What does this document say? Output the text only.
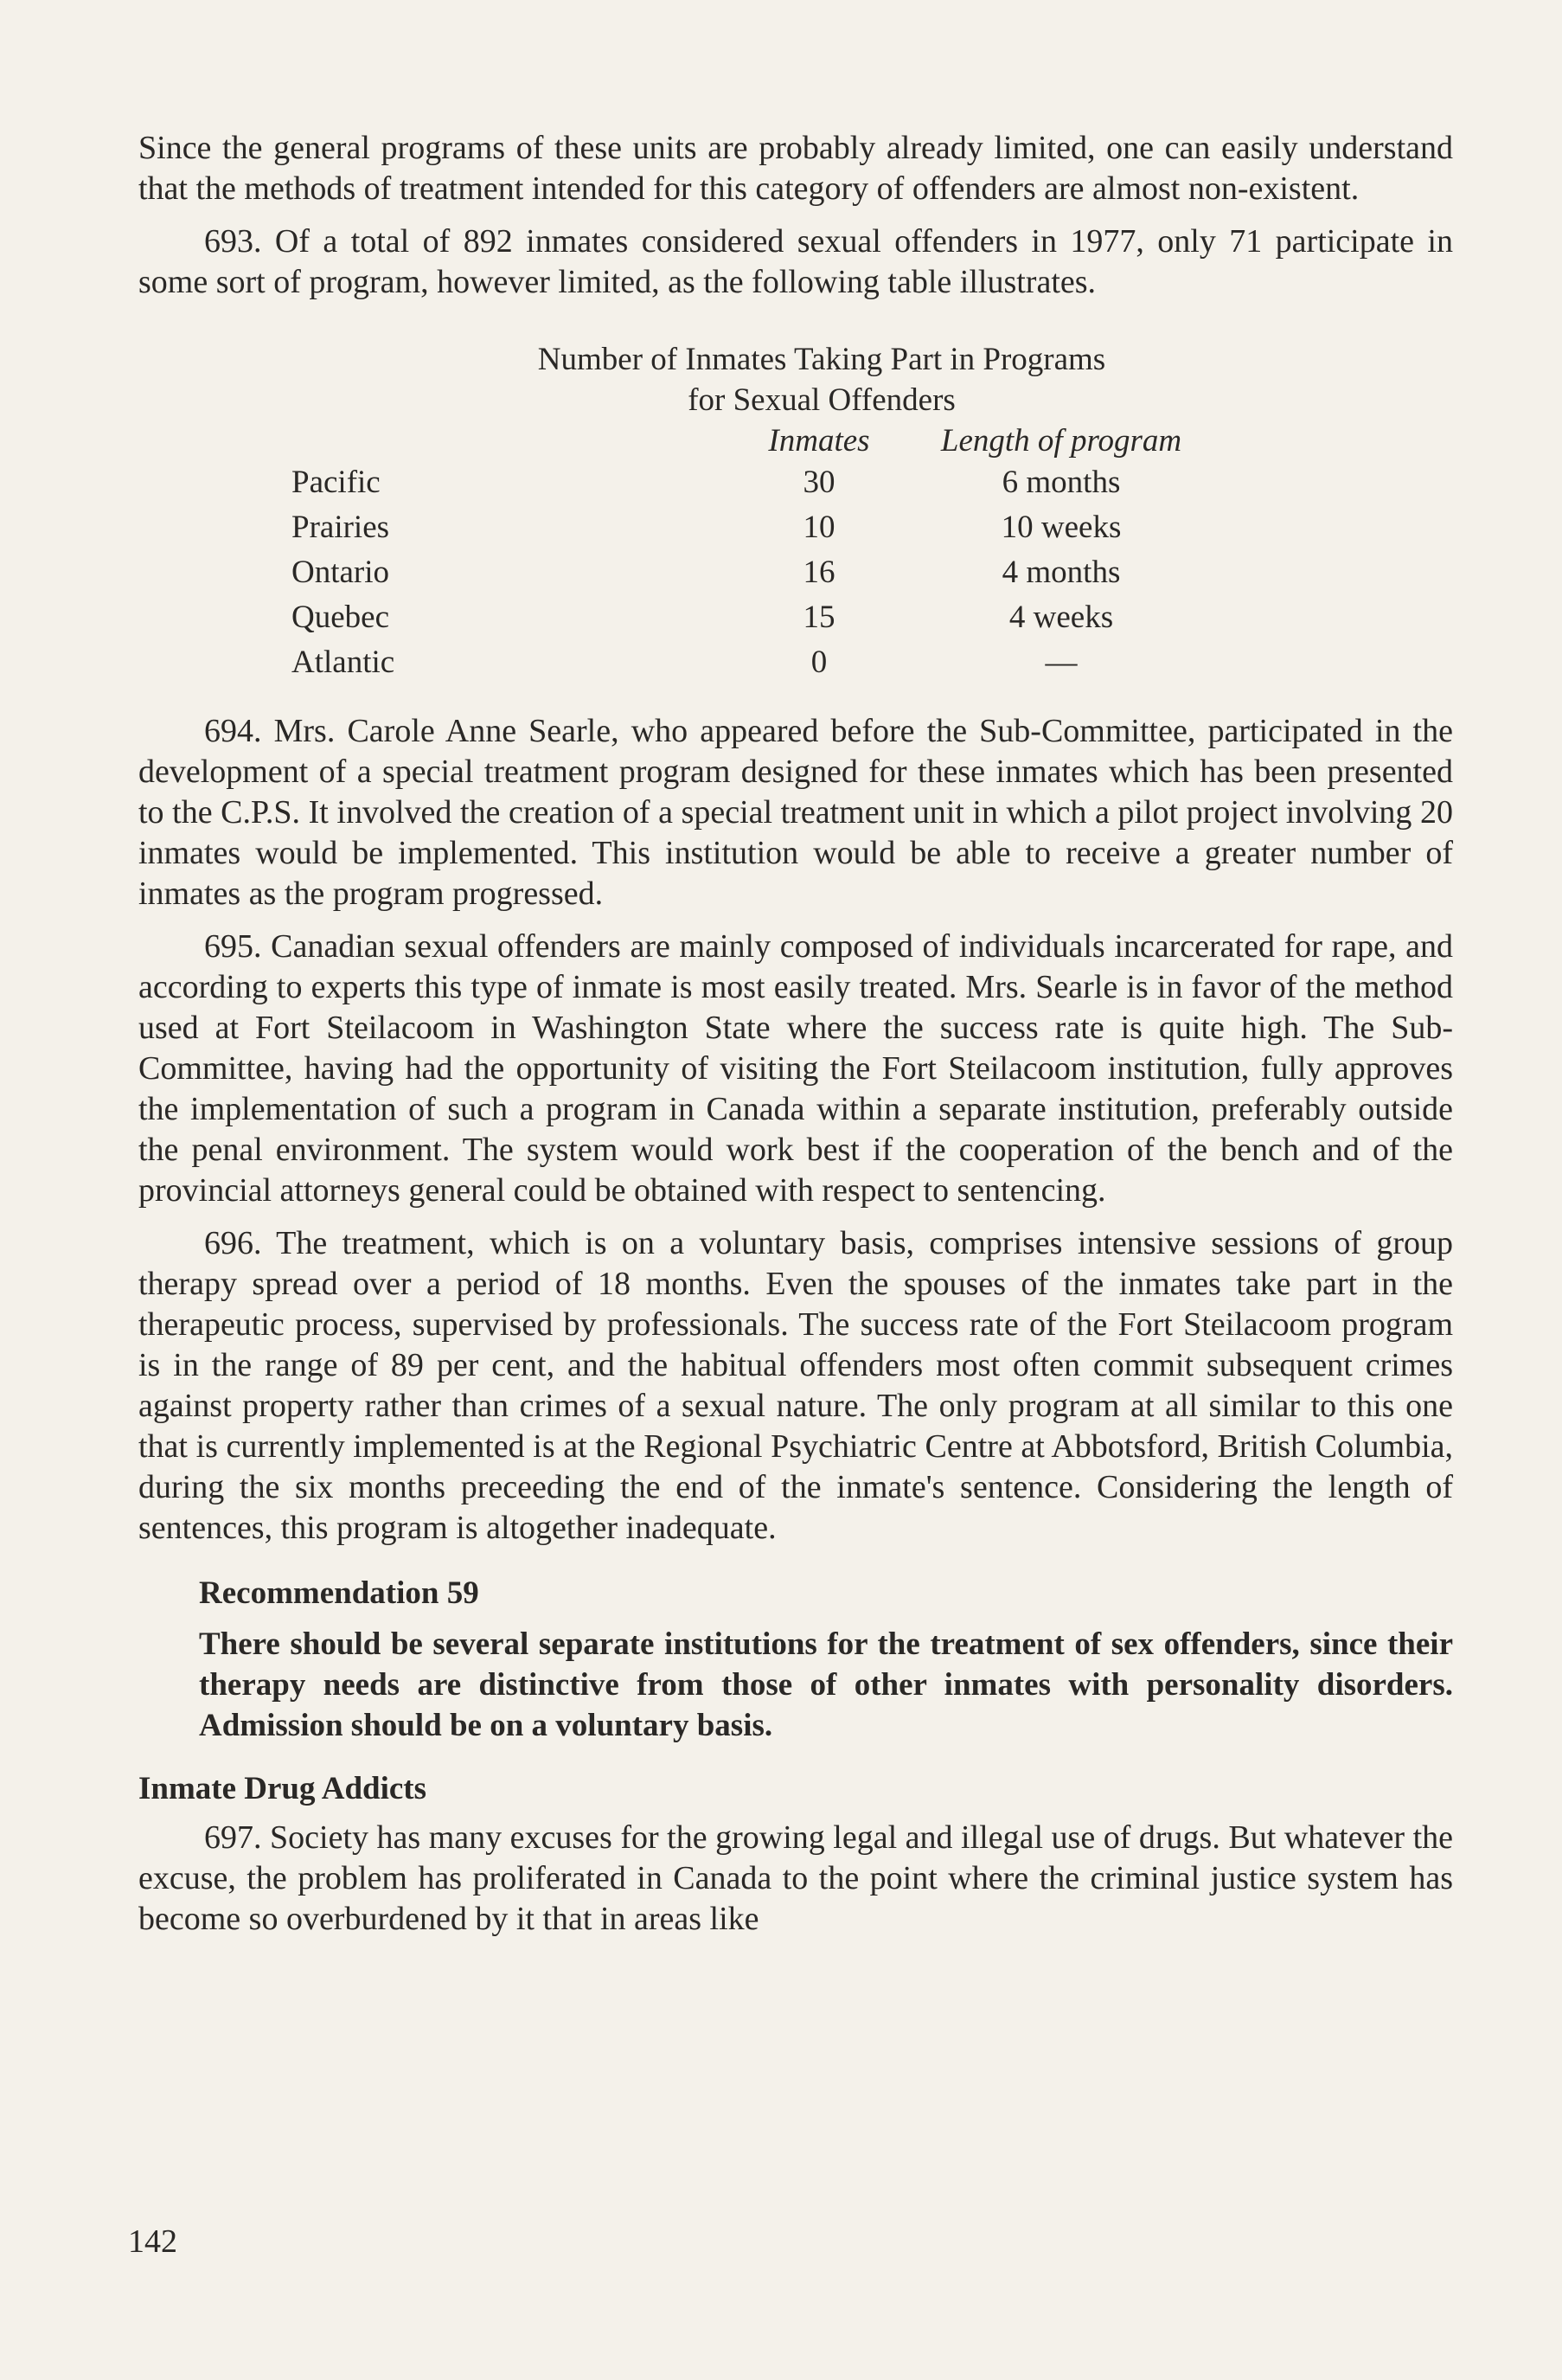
Since the general programs of these units are probably already limited, one can easily understand that the methods of treatment intended for this category of offenders are almost non-existent.

693. Of a total of 892 inmates considered sexual offenders in 1977, only 71 participate in some sort of program, however limited, as the following table illustrates.

Number of Inmates Taking Part in Programs
for Sexual Offenders
	Inmates	Length of program
Pacific	30	6 months
Prairies	10	10 weeks
Ontario	16	4 months
Quebec	15	4 weeks
Atlantic	0	—

694. Mrs. Carole Anne Searle, who appeared before the Sub-Committee, participated in the development of a special treatment program designed for these inmates which has been presented to the C.P.S. It involved the creation of a special treatment unit in which a pilot project involving 20 inmates would be implemented. This institution would be able to receive a greater number of inmates as the program progressed.

695. Canadian sexual offenders are mainly composed of individuals incarcerated for rape, and according to experts this type of inmate is most easily treated. Mrs. Searle is in favor of the method used at Fort Steilacoom in Washington State where the success rate is quite high. The Sub-Committee, having had the opportunity of visiting the Fort Steilacoom institution, fully approves the implementation of such a program in Canada within a separate institution, preferably outside the penal environment. The system would work best if the cooperation of the bench and of the provincial attorneys general could be obtained with respect to sentencing.

696. The treatment, which is on a voluntary basis, comprises intensive sessions of group therapy spread over a period of 18 months. Even the spouses of the inmates take part in the therapeutic process, supervised by professionals. The success rate of the Fort Steilacoom program is in the range of 89 per cent, and the habitual offenders most often commit subsequent crimes against property rather than crimes of a sexual nature. The only program at all similar to this one that is currently implemented is at the Regional Psychiatric Centre at Abbotsford, British Columbia, during the six months preceeding the end of the inmate's sentence. Considering the length of sentences, this program is altogether inadequate.

Recommendation 59

There should be several separate institutions for the treatment of sex offenders, since their therapy needs are distinctive from those of other inmates with personality disorders. Admission should be on a voluntary basis.

Inmate Drug Addicts

697. Society has many excuses for the growing legal and illegal use of drugs. But whatever the excuse, the problem has proliferated in Canada to the point where the criminal justice system has become so overburdened by it that in areas like

142
